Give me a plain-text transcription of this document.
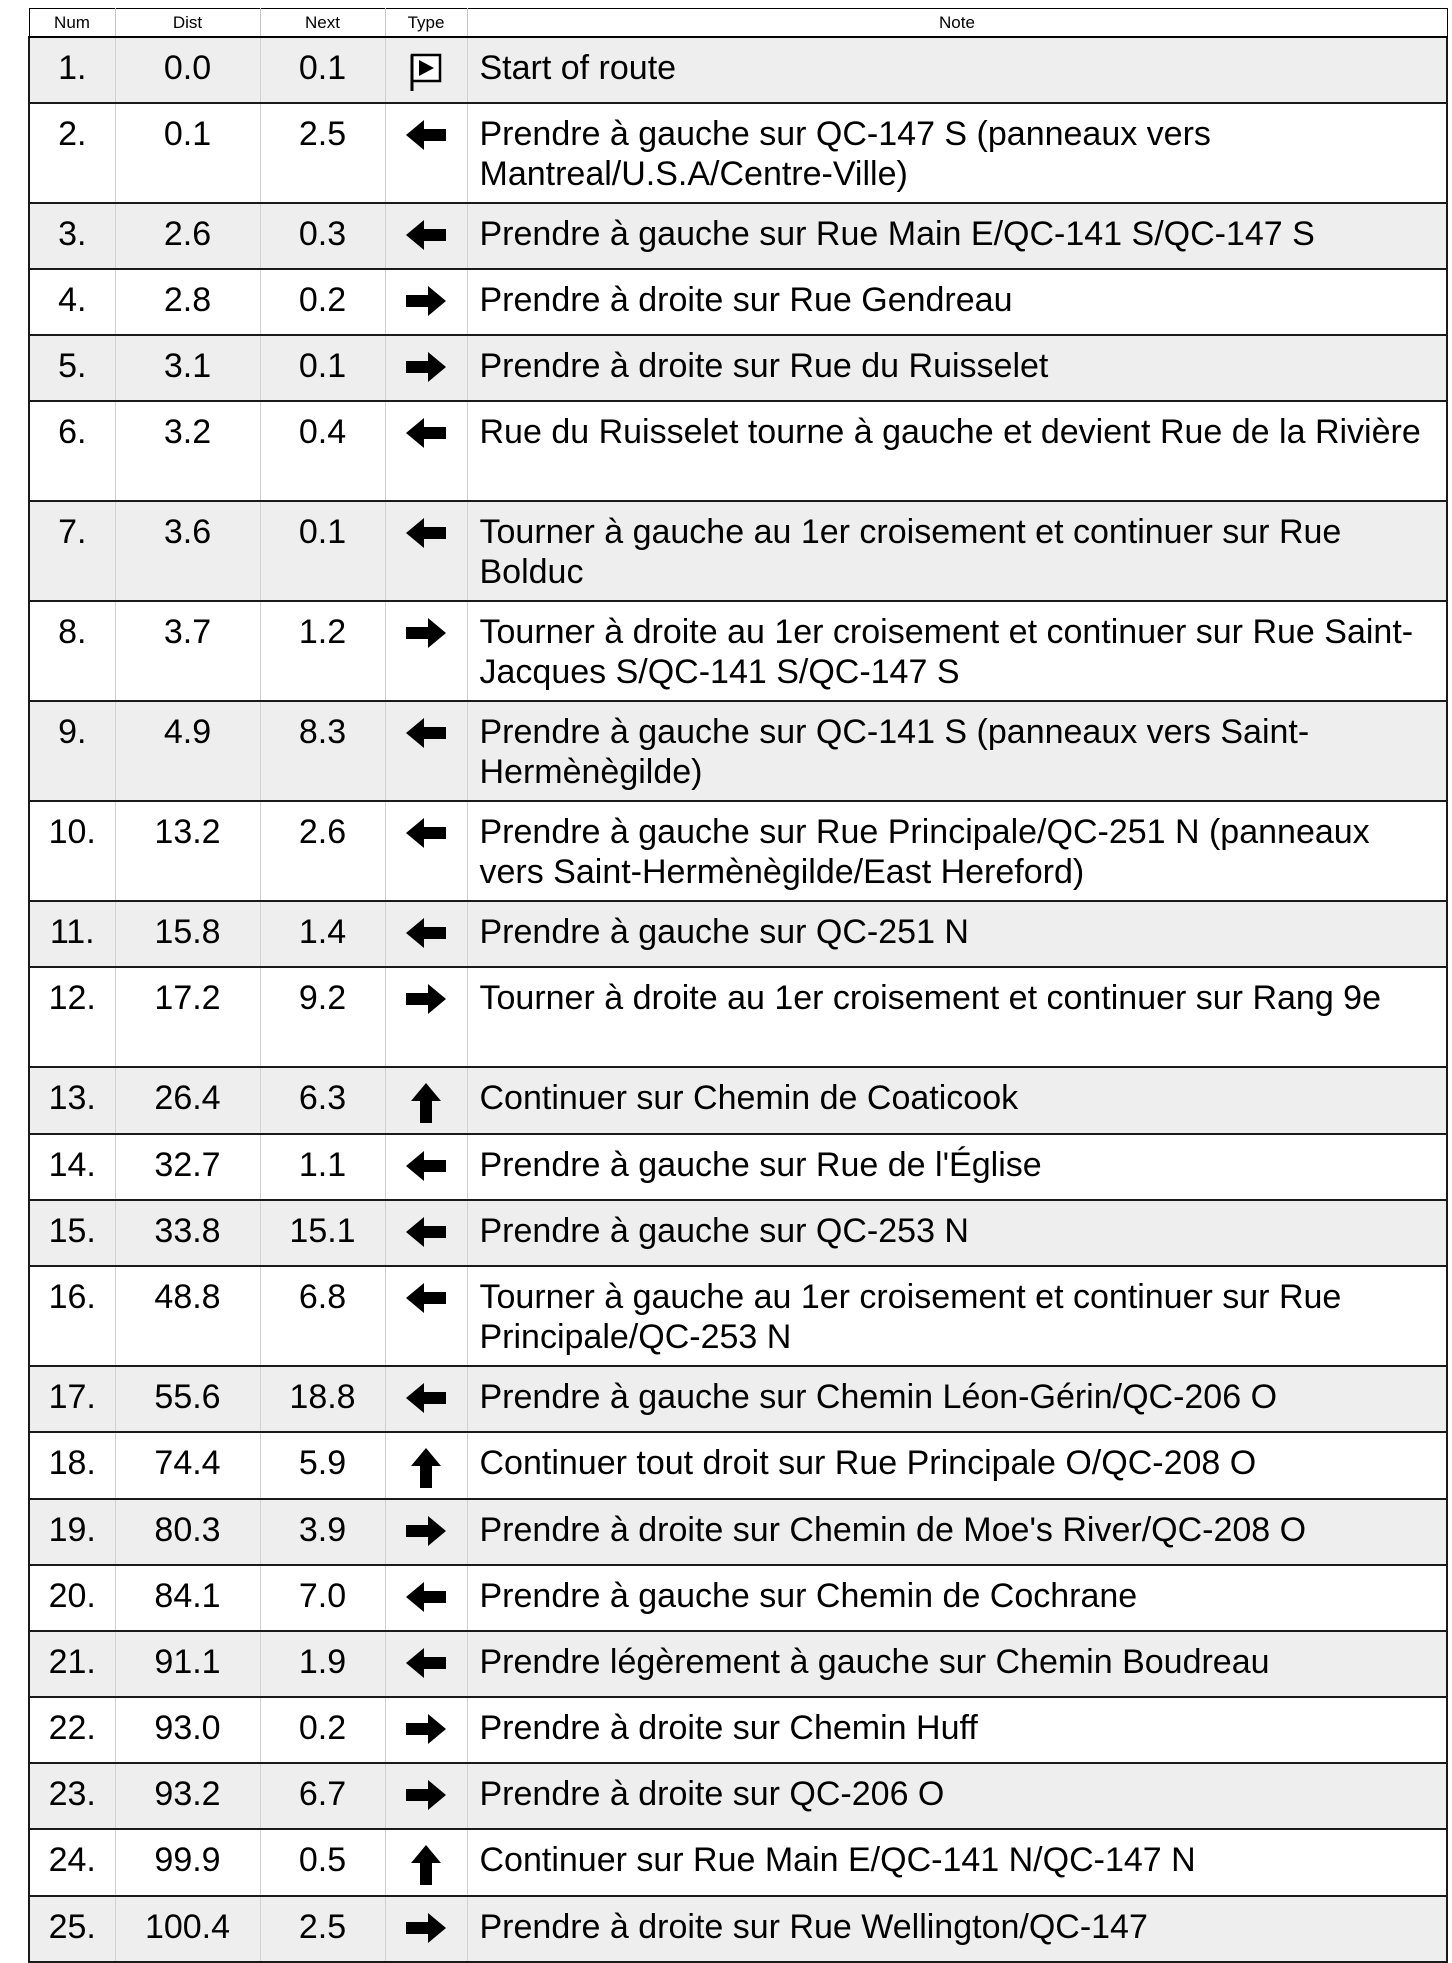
Num	Dist	Next	Type	Note
1.	0.0	0.1		Start of route
2.	0.1	2.5		Prendre à gauche sur QC-147 S (panneaux vers Mantreal/U.S.A/Centre-Ville)
3.	2.6	0.3		Prendre à gauche sur Rue Main E/QC-141 S/QC-147 S
4.	2.8	0.2		Prendre à droite sur Rue Gendreau
5.	3.1	0.1		Prendre à droite sur Rue du Ruisselet
6.	3.2	0.4		Rue du Ruisselet tourne à gauche et devient Rue de la Rivière
7.	3.6	0.1		Tourner à gauche au 1er croisement et continuer sur Rue Bolduc
8.	3.7	1.2		Tourner à droite au 1er croisement et continuer sur Rue Saint-Jacques S/QC-141 S/QC-147 S
9.	4.9	8.3		Prendre à gauche sur QC-141 S (panneaux vers Saint-Hermènègilde)
10.	13.2	2.6		Prendre à gauche sur Rue Principale/QC-251 N (panneaux vers Saint-Hermènègilde/East Hereford)
11.	15.8	1.4		Prendre à gauche sur QC-251 N
12.	17.2	9.2		Tourner à droite au 1er croisement et continuer sur Rang 9e
13.	26.4	6.3		Continuer sur Chemin de Coaticook
14.	32.7	1.1		Prendre à gauche sur Rue de l'Église
15.	33.8	15.1		Prendre à gauche sur QC-253 N
16.	48.8	6.8		Tourner à gauche au 1er croisement et continuer sur Rue Principale/QC-253 N
17.	55.6	18.8		Prendre à gauche sur Chemin Léon-Gérin/QC-206 O
18.	74.4	5.9		Continuer tout droit sur Rue Principale O/QC-208 O
19.	80.3	3.9		Prendre à droite sur Chemin de Moe's River/QC-208 O
20.	84.1	7.0		Prendre à gauche sur Chemin de Cochrane
21.	91.1	1.9		Prendre légèrement à gauche sur Chemin Boudreau
22.	93.0	0.2		Prendre à droite sur Chemin Huff
23.	93.2	6.7		Prendre à droite sur QC-206 O
24.	99.9	0.5		Continuer sur Rue Main E/QC-141 N/QC-147 N
25.	100.4	2.5		Prendre à droite sur Rue Wellington/QC-147
